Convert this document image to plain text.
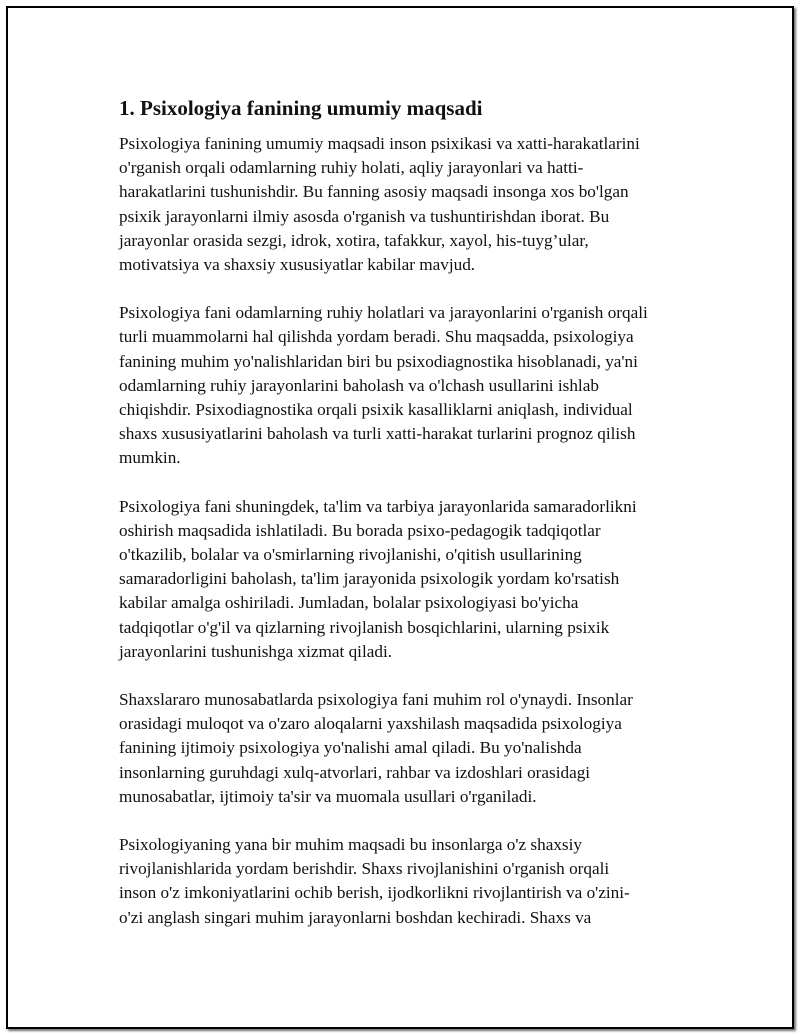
1. Psixologiya fanining umumiy maqsadi

Psixologiya fanining umumiy maqsadi inson psixikasi va xatti-harakatlarini
o'rganish orqali odamlarning ruhiy holati, aqliy jarayonlari va hatti-
harakatlarini tushunishdir. Bu fanning asosiy maqsadi insonga xos bo'lgan
psixik jarayonlarni ilmiy asosda o'rganish va tushuntirishdan iborat. Bu
jarayonlar orasida sezgi, idrok, xotira, tafakkur, xayol, his-tuyg’ular,
motivatsiya va shaxsiy xususiyatlar kabilar mavjud.

Psixologiya fani odamlarning ruhiy holatlari va jarayonlarini o'rganish orqali
turli muammolarni hal qilishda yordam beradi. Shu maqsadda, psixologiya
fanining muhim yo'nalishlaridan biri bu psixodiagnostika hisoblanadi, ya'ni
odamlarning ruhiy jarayonlarini baholash va o'lchash usullarini ishlab
chiqishdir. Psixodiagnostika orqali psixik kasalliklarni aniqlash, individual
shaxs xususiyatlarini baholash va turli xatti-harakat turlarini prognoz qilish
mumkin.

Psixologiya fani shuningdek, ta'lim va tarbiya jarayonlarida samaradorlikni
oshirish maqsadida ishlatiladi. Bu borada psixo-pedagogik tadqiqotlar
o'tkazilib, bolalar va o'smirlarning rivojlanishi, o'qitish usullarining
samaradorligini baholash, ta'lim jarayonida psixologik yordam ko'rsatish
kabilar amalga oshiriladi. Jumladan, bolalar psixologiyasi bo'yicha
tadqiqotlar o'g'il va qizlarning rivojlanish bosqichlarini, ularning psixik
jarayonlarini tushunishga xizmat qiladi.

Shaxslararo munosabatlarda psixologiya fani muhim rol o'ynaydi. Insonlar
orasidagi muloqot va o'zaro aloqalarni yaxshilash maqsadida psixologiya
fanining ijtimoiy psixologiya yo'nalishi amal qiladi. Bu yo'nalishda
insonlarning guruhdagi xulq-atvorlari, rahbar va izdoshlari orasidagi
munosabatlar, ijtimoiy ta'sir va muomala usullari o'rganiladi.

Psixologiyaning yana bir muhim maqsadi bu insonlarga o'z shaxsiy
rivojlanishlarida yordam berishdir. Shaxs rivojlanishini o'rganish orqali
inson o'z imkoniyatlarini ochib berish, ijodkorlikni rivojlantirish va o'zini-
o'zi anglash singari muhim jarayonlarni boshdan kechiradi. Shaxs va
